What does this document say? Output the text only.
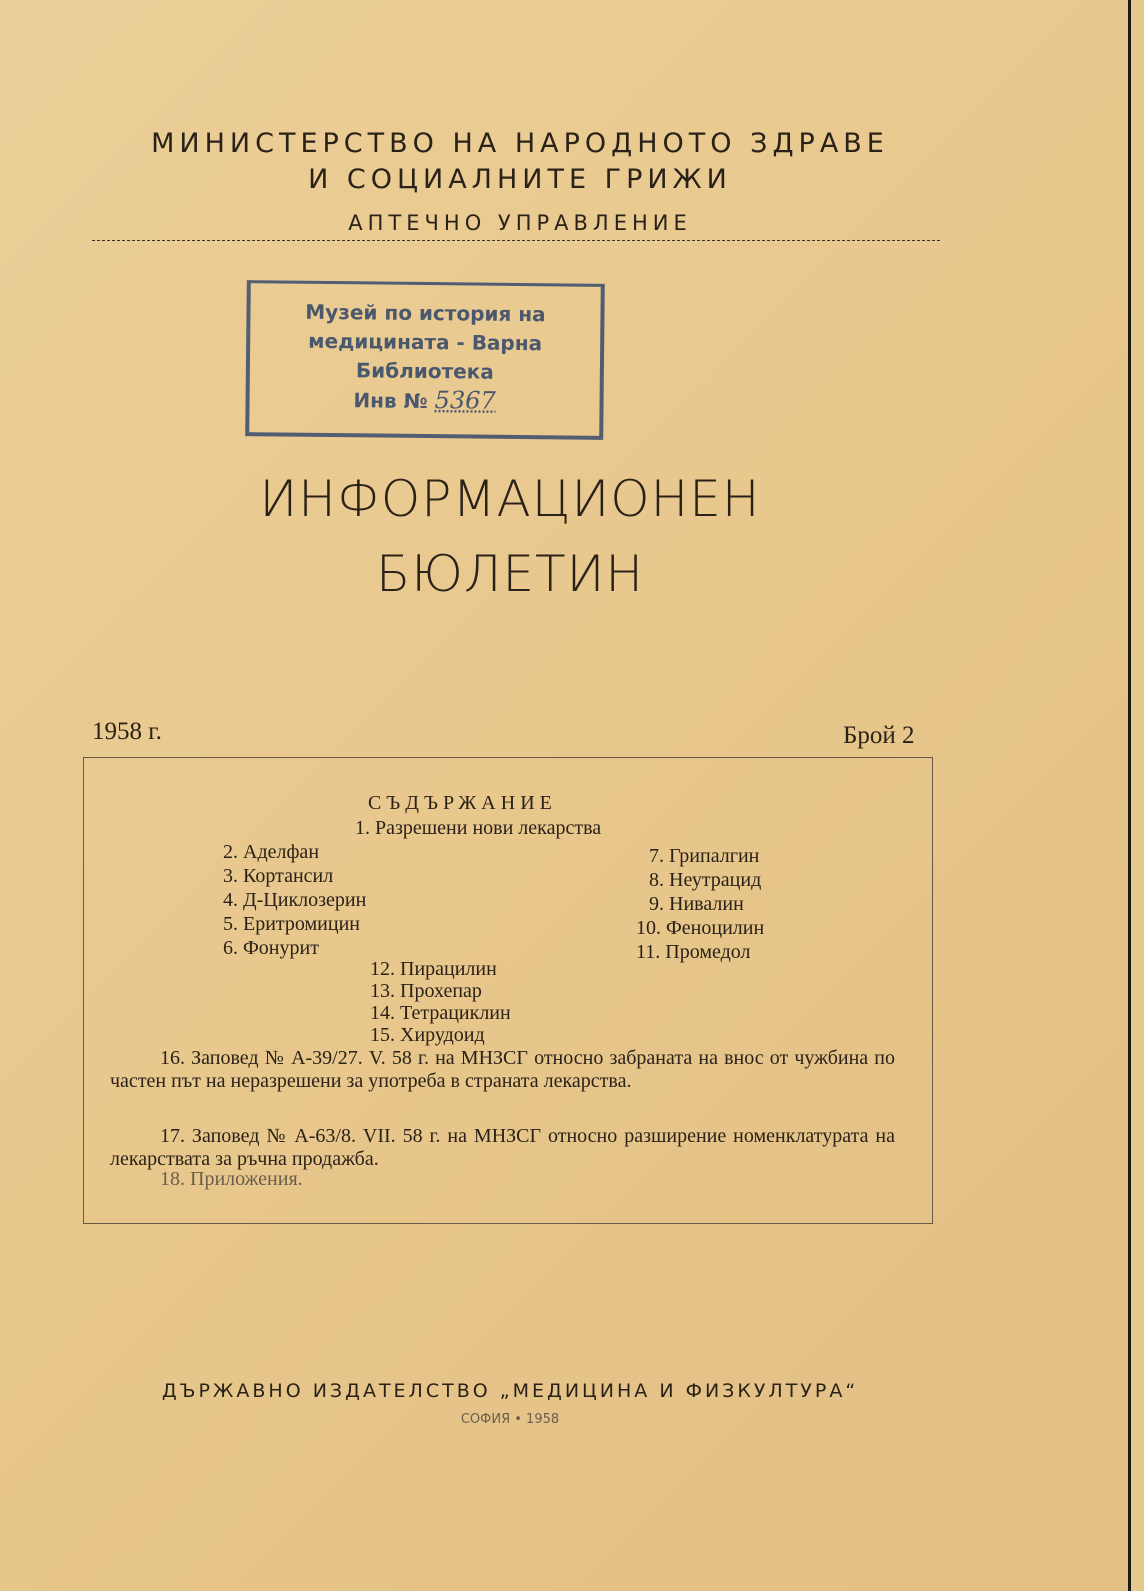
МИНИСТЕРСТВО НА НАРОДНОТО ЗДРАВЕ
И СОЦИАЛНИТЕ ГРИЖИ
АПТЕЧНО УПРАВЛЕНИЕ
Музей по история на
медицината - Варна
Библиотека
Инв № 5367
ИНФОРМАЦИОНЕН
БЮЛЕТИН
1958 г.	Брой 2
СЪДЪРЖАНИЕ
1. Разрешени нови лекарства
2. Аделфан
3. Кортансил
4. Д-Циклозерин
5. Еритромицин
6. Фонурит
7. Грипалгин
8. Неутрацид
9. Нивалин
10. Феноцилин
11. Промедол
12. Пирацилин
13. Прохепар
14. Тетрациклин
15. Хирудоид
16. Заповед № А-39/27. V. 58 г. на МНЗСГ относно забраната на внос от чужбина по частен път на неразрешени за употреба в страната лекарства.
17. Заповед № А-63/8. VII. 58 г. на МНЗСГ относно разширение номенклатурата на лекарствата за ръчна продажба.
18. Приложения.
ДЪРЖАВНО ИЗДАТЕЛСТВО „МЕДИЦИНА И ФИЗКУЛТУРА“
СОФИЯ • 1958
